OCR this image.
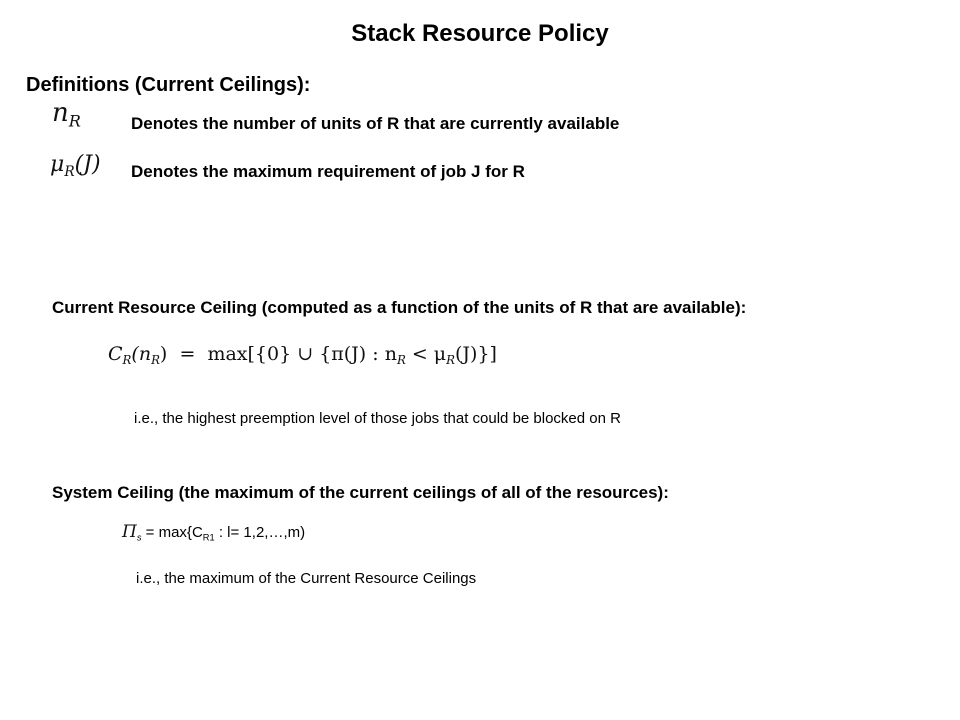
Stack Resource Policy
Definitions (Current Ceilings):
$n_R$	Denotes the number of units of R that are currently available
$\mu_R(J)$ Denotes the maximum requirement of job J for R
Current Resource Ceiling (computed as a function of the units of R that are available):
$C_R(n_R) = \max[\{0\}$ ∪ {π(J) : $n_R < \mu_R(J)$}]
i.e., the highest preemption level of those jobs that could be blocked on R
System Ceiling (the maximum of the current ceilings of all of the resources):
$\Pi_s = \max\{C_{R1}$ : l= 1,2,…,m)
i.e., the maximum of the Current Resource Ceilings
